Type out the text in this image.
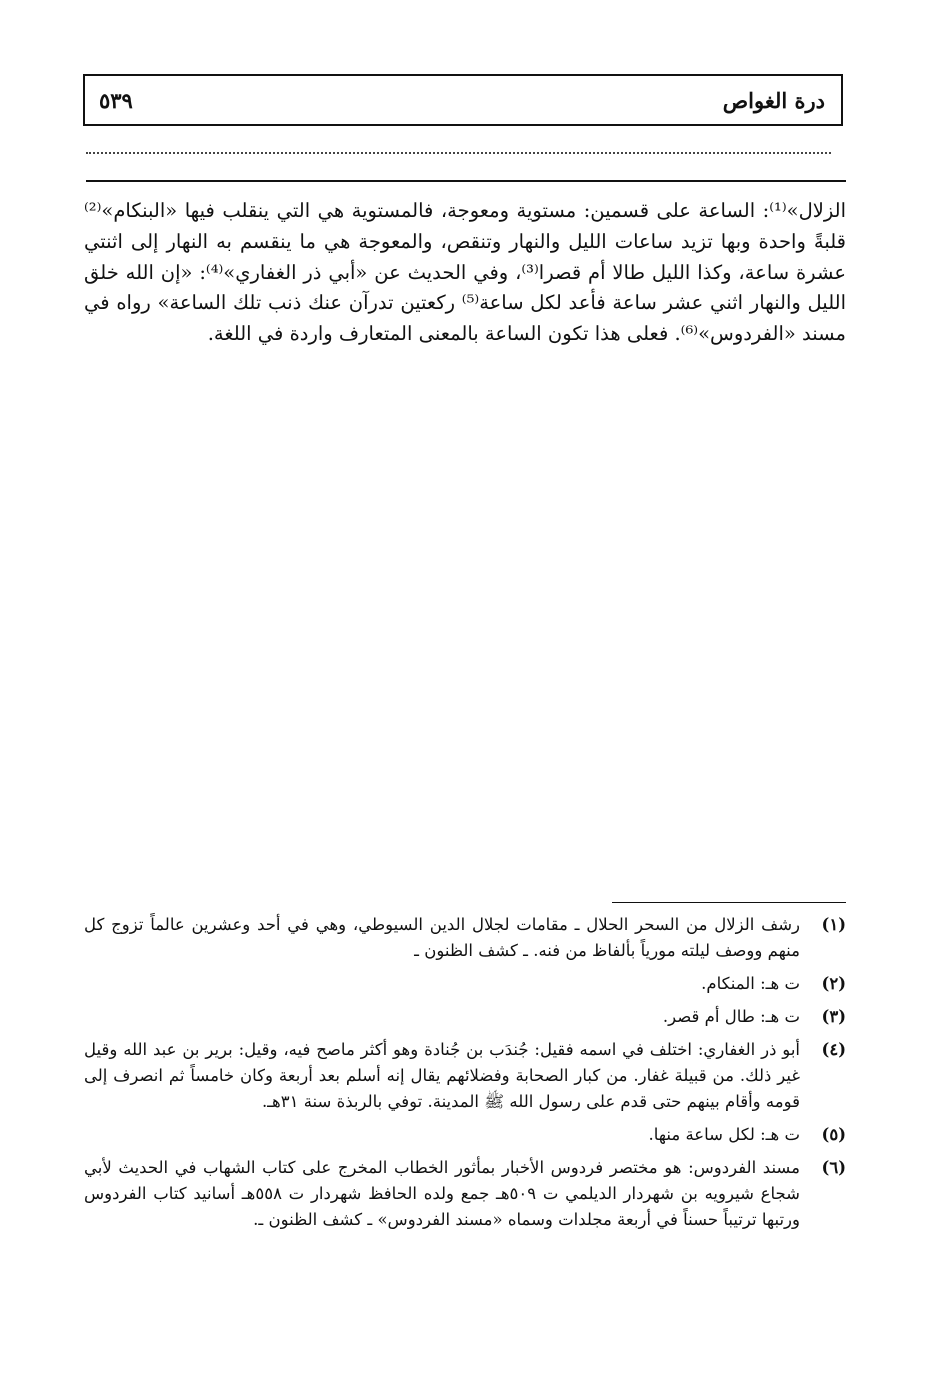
درة الغواص
٥٣٩

الزلال»⁽¹⁾: الساعة على قسمين: مستوية ومعوجة، فالمستوية هي التي ينقلب فيها «البنكام»⁽²⁾ قلبةً واحدة وبها تزيد ساعات الليل والنهار وتنقص، والمعوجة هي ما ينقسم به النهار إلى اثنتي عشرة ساعة، وكذا الليل طالا أم قصرا⁽³⁾، وفي الحديث عن «أبي ذر الغفاري»⁽⁴⁾: «إن الله خلق الليل والنهار اثني عشر ساعة فأعد لكل ساعة⁽⁵⁾ ركعتين تدرآن عنك ذنب تلك الساعة» رواه في مسند «الفردوس»⁽⁶⁾. فعلى هذا تكون الساعة بالمعنى المتعارف واردة في اللغة.

(١)
رشف الزلال من السحر الحلال ـ مقامات لجلال الدين السيوطي، وهي في أحد وعشرين عالماً تزوج كل منهم ووصف ليلته مورياً بألفاظ من فنه. ـ كشف الظنون ـ
(٢)
ت هـ: المنكام.
(٣)
ت هـ: طال أم قصر.
(٤)
أبو ذر الغفاري: اختلف في اسمه فقيل: جُندَب بن جُنادة وهو أكثر ماصح فيه، وقيل: برير بن عبد الله وقيل غير ذلك. من قبيلة غفار. من كبار الصحابة وفضلائهم يقال إنه أسلم بعد أربعة وكان خامساً ثم انصرف إلى قومه وأقام بينهم حتى قدم على رسول الله ﷺ المدينة. توفي بالربذة سنة ٣١هـ.
(٥)
ت هـ: لكل ساعة منها.
(٦)
مسند الفردوس: هو مختصر فردوس الأخبار بمأثور الخطاب المخرج على كتاب الشهاب في الحديث لأبي شجاع شيرويه بن شهردار الديلمي ت ٥٠٩هـ جمع ولده الحافظ شهردار ت ٥٥٨هـ أسانيد كتاب الفردوس ورتبها ترتيباً حسناً في أربعة مجلدات وسماه «مسند الفردوس» ـ كشف الظنون ـ.
